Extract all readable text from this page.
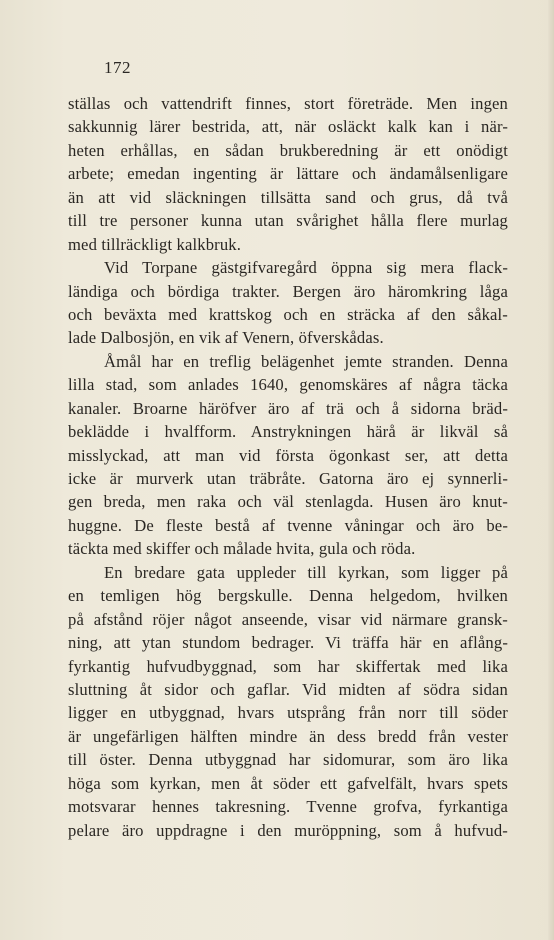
172
ställas och vattendrift finnes, stort företräde. Men ingen
sakkunnig lärer bestrida, att, när osläckt kalk kan i när-
heten erhållas, en sådan brukberedning är ett onödigt
arbete; emedan ingenting är lättare och ändamålsenligare
än att vid släckningen tillsätta sand och grus, då två
till tre personer kunna utan svårighet hålla flere murlag
med tillräckligt kalkbruk.
Vid Torpane gästgifvaregård öppna sig mera flack-
ländiga och bördiga trakter. Bergen äro häromkring låga
och beväxta med krattskog och en sträcka af den såkal-
lade Dalbosjön, en vik af Venern, öfverskådas.
Åmål har en treflig belägenhet jemte stranden. Denna
lilla stad, som anlades 1640, genomskäres af några täcka
kanaler. Broarne häröfver äro af trä och å sidorna bräd-
beklädde i hvalfform. Anstrykningen härå är likväl så
misslyckad, att man vid första ögonkast ser, att detta
icke är murverk utan träbråte. Gatorna äro ej synnerli-
gen breda, men raka och väl stenlagda. Husen äro knut-
huggne. De fleste bestå af tvenne våningar och äro be-
täckta med skiffer och målade hvita, gula och röda.
En bredare gata uppleder till kyrkan, som ligger på
en temligen hög bergskulle. Denna helgedom, hvilken
på afstånd röjer något anseende, visar vid närmare gransk-
ning, att ytan stundom bedrager. Vi träffa här en aflång-
fyrkantig hufvudbyggnad, som har skiffertak med lika
sluttning åt sidor och gaflar. Vid midten af södra sidan
ligger en utbyggnad, hvars utsprång från norr till söder
är ungefärligen hälften mindre än dess bredd från vester
till öster. Denna utbyggnad har sidomurar, som äro lika
höga som kyrkan, men åt söder ett gafvelfält, hvars spets
motsvarar hennes takresning. Tvenne grofva, fyrkantiga
pelare äro uppdragne i den muröppning, som å hufvud-
